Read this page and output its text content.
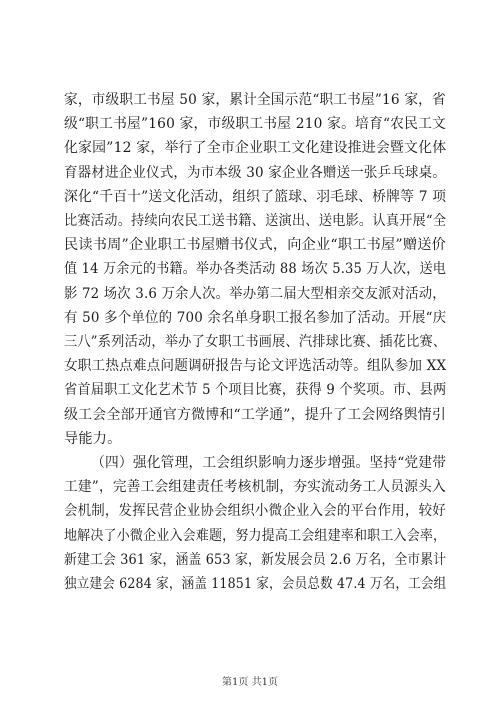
家，市级职工书屋 50 家，累计全国示范“职工书屋”16 家，省
级“职工书屋”160 家，市级职工书屋 210 家。培育“农民工文
化家园”12 家，举行了全市企业职工文化建设推进会暨文化体
育器材进企业仪式，为市本级 30 家企业各赠送一张乒乓球桌。
深化“千百十”送文化活动，组织了篮球、羽毛球、桥牌等 7 项
比赛活动。持续向农民工送书籍、送演出、送电影。认真开展“全
民读书周”企业职工书屋赠书仪式，向企业“职工书屋”赠送价
值 14 万余元的书籍。举办各类活动 88 场次 5.35 万人次，送电
影 72 场次 3.6 万余人次。举办第二届大型相亲交友派对活动，
有 50 多个单位的 700 余名单身职工报名参加了活动。开展“庆
三八”系列活动，举办了女职工书画展、汽排球比赛、插花比赛、
女职工热点难点问题调研报告与论文评选活动等。组队参加 XX
省首届职工文化艺术节 5 个项目比赛，获得 9 个奖项。市、县两
级工会全部开通官方微博和“工学通”，提升了工会网络舆情引
导能力。
（四）强化管理，工会组织影响力逐步增强。坚持“党建带
工建”，完善工会组建责任考核机制，夯实流动务工人员源头入
会机制，发挥民营企业协会组织小微企业入会的平台作用，较好
地解决了小微企业入会难题，努力提高工会组建率和职工入会率，
新建工会 361 家，涵盖 653 家，新发展会员 2.6 万名，全市累计
独立建会 6284 家，涵盖 11851 家，会员总数 47.4 万名，工会组
第1页 共1页
